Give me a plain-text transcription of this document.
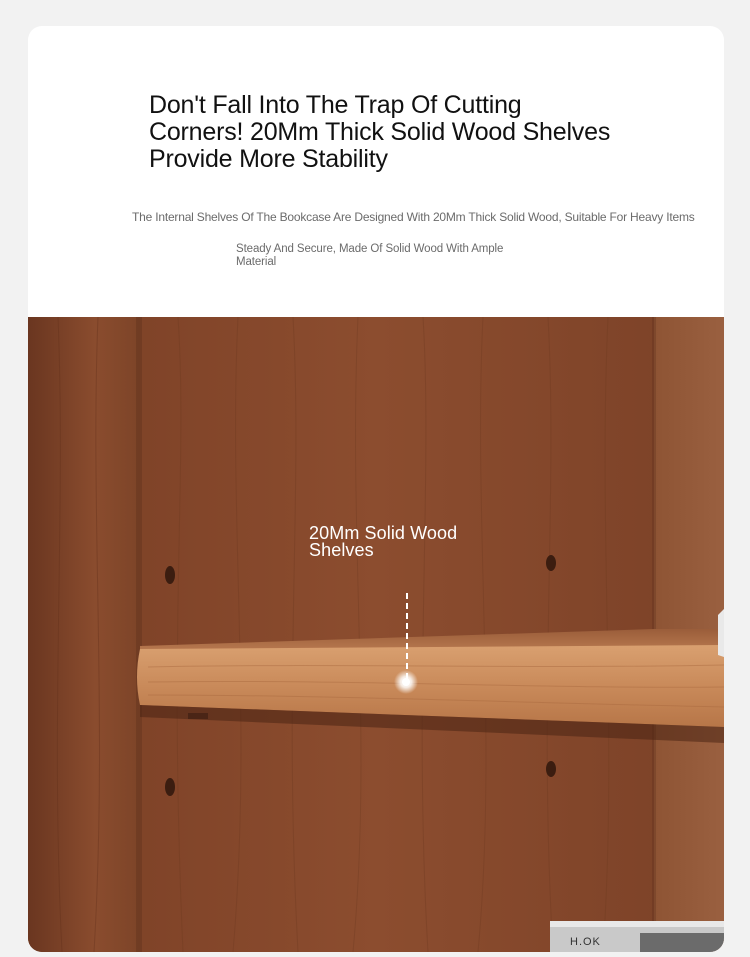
Don't Fall Into The Trap Of Cutting Corners! 20Mm Thick Solid Wood Shelves Provide More Stability

The Internal Shelves Of The Bookcase Are Designed With 20Mm Thick Solid Wood, Suitable For Heavy Items

Steady And Secure, Made Of Solid Wood With Ample Material

H.OK

20Mm Solid Wood Shelves
